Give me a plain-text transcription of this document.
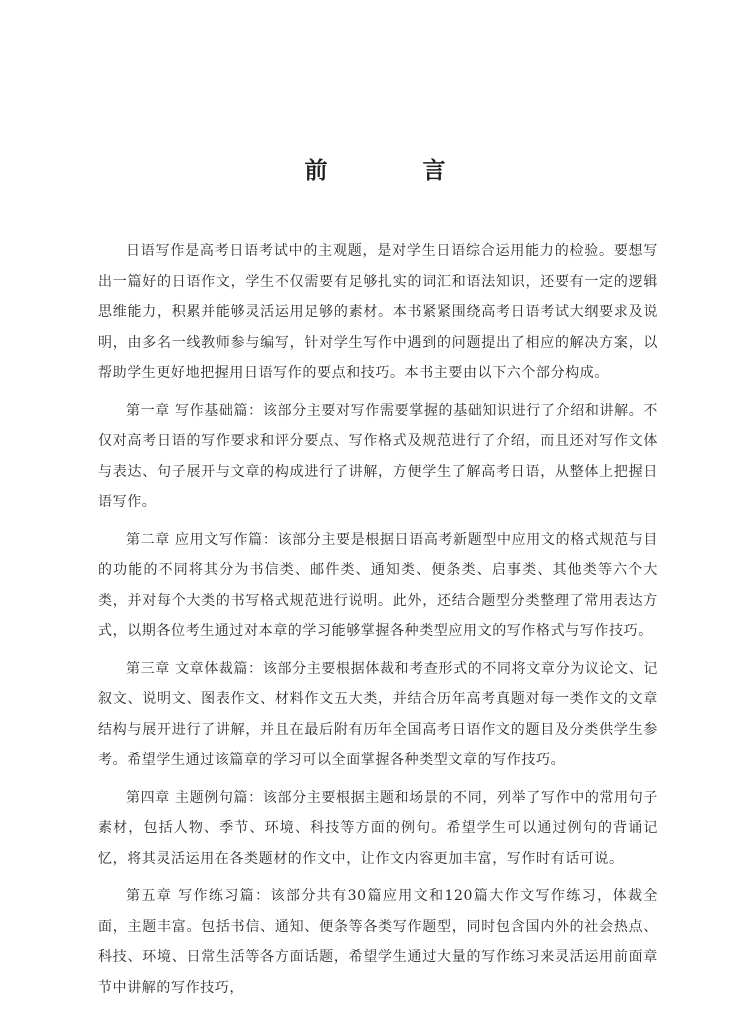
前　言

日语写作是高考日语考试中的主观题，是对学生日语综合运用能力的检验。要想写出一篇好的日语作文，学生不仅需要有足够扎实的词汇和语法知识，还要有一定的逻辑思维能力，积累并能够灵活运用足够的素材。本书紧紧围绕高考日语考试大纲要求及说明，由多名一线教师参与编写，针对学生写作中遇到的问题提出了相应的解决方案，以帮助学生更好地把握用日语写作的要点和技巧。本书主要由以下六个部分构成。

第一章 写作基础篇：该部分主要对写作需要掌握的基础知识进行了介绍和讲解。不仅对高考日语的写作要求和评分要点、写作格式及规范进行了介绍，而且还对写作文体与表达、句子展开与文章的构成进行了讲解，方便学生了解高考日语，从整体上把握日语写作。

第二章 应用文写作篇：该部分主要是根据日语高考新题型中应用文的格式规范与目的功能的不同将其分为书信类、邮件类、通知类、便条类、启事类、其他类等六个大类，并对每个大类的书写格式规范进行说明。此外，还结合题型分类整理了常用表达方式，以期各位考生通过对本章的学习能够掌握各种类型应用文的写作格式与写作技巧。

第三章 文章体裁篇：该部分主要根据体裁和考查形式的不同将文章分为议论文、记叙文、说明文、图表作文、材料作文五大类，并结合历年高考真题对每一类作文的文章结构与展开进行了讲解，并且在最后附有历年全国高考日语作文的题目及分类供学生参考。希望学生通过该篇章的学习可以全面掌握各种类型文章的写作技巧。

第四章 主题例句篇：该部分主要根据主题和场景的不同，列举了写作中的常用句子素材，包括人物、季节、环境、科技等方面的例句。希望学生可以通过例句的背诵记忆，将其灵活运用在各类题材的作文中，让作文内容更加丰富，写作时有话可说。

第五章 写作练习篇：该部分共有30篇应用文和120篇大作文写作练习，体裁全面，主题丰富。包括书信、通知、便条等各类写作题型，同时包含国内外的社会热点、科技、环境、日常生活等各方面话题，希望学生通过大量的写作练习来灵活运用前面章节中讲解的写作技巧，
